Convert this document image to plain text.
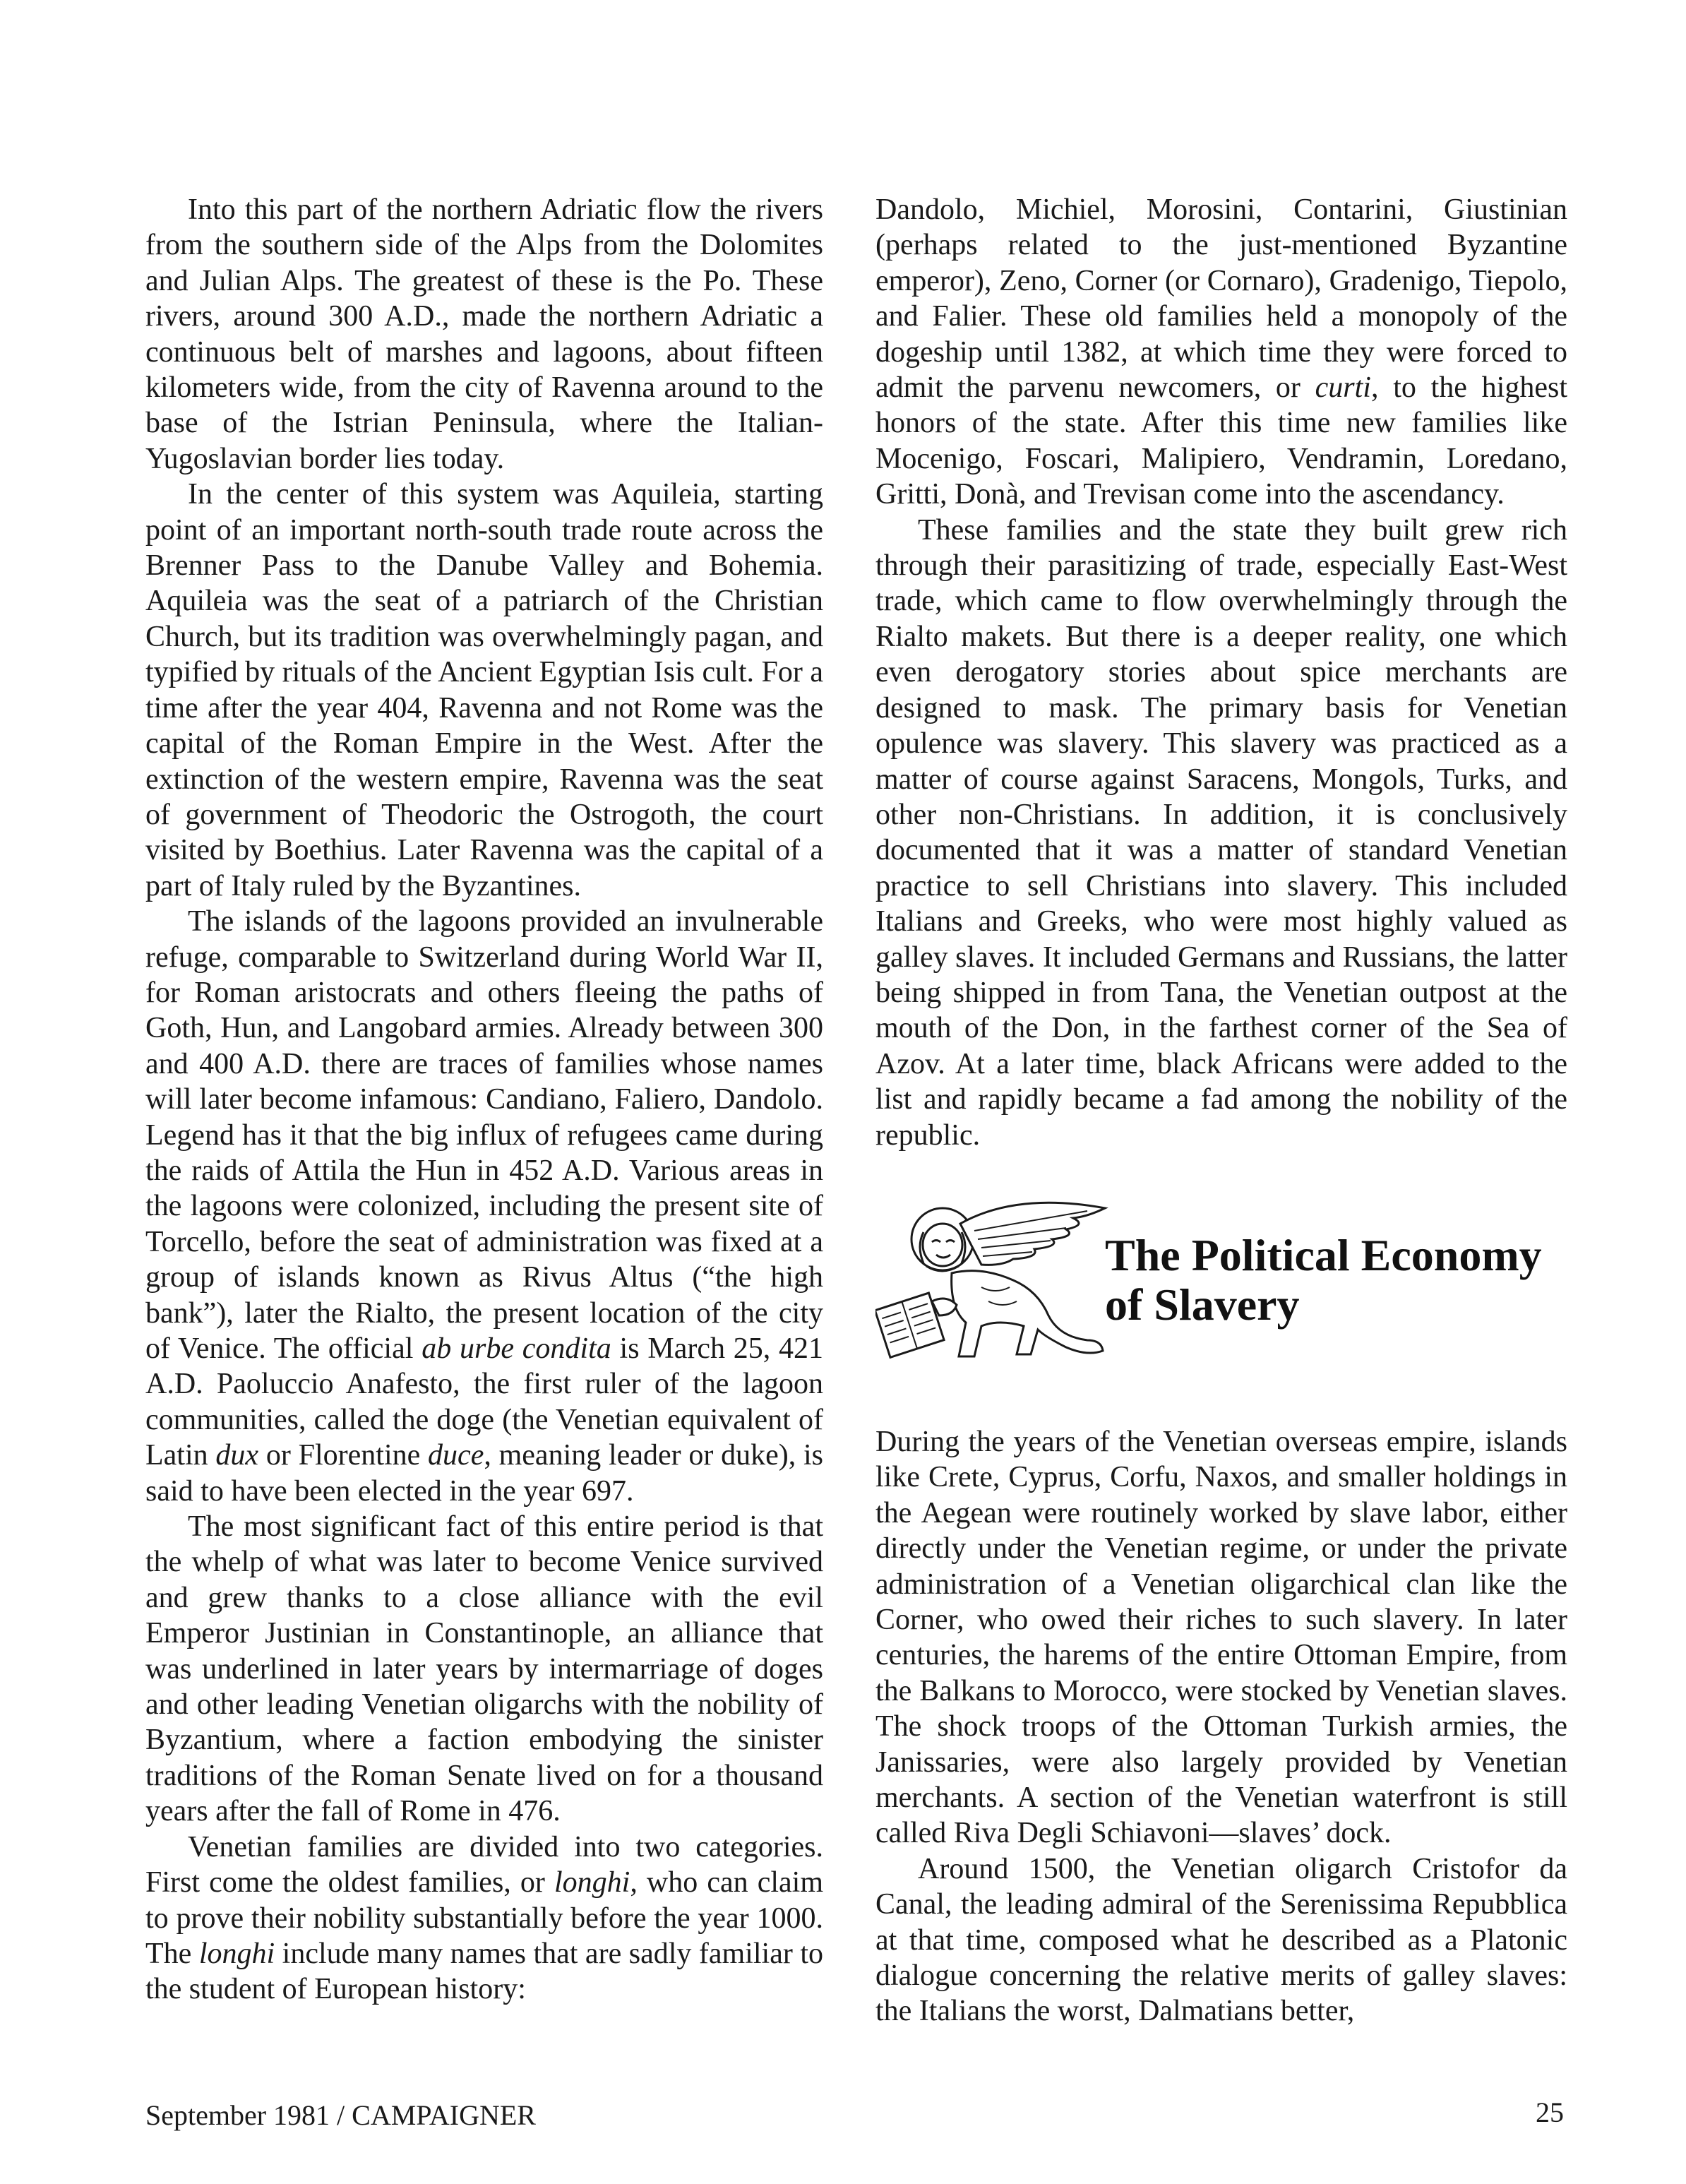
Into this part of the northern Adriatic flow the rivers from the southern side of the Alps from the Dolomites and Julian Alps. The greatest of these is the Po. These rivers, around 300 A.D., made the northern Adriatic a continuous belt of marshes and lagoons, about fifteen kilometers wide, from the city of Ravenna around to the base of the Istrian Peninsula, where the Italian-Yugoslavian border lies today.

In the center of this system was Aquileia, starting point of an important north-south trade route across the Brenner Pass to the Danube Valley and Bohemia. Aquileia was the seat of a patriarch of the Christian Church, but its tradition was overwhelmingly pagan, and typified by rituals of the Ancient Egyptian Isis cult. For a time after the year 404, Ravenna and not Rome was the capital of the Roman Empire in the West. After the extinction of the western empire, Ravenna was the seat of government of Theodoric the Ostrogoth, the court visited by Boethius. Later Ravenna was the capital of a part of Italy ruled by the Byzantines.

The islands of the lagoons provided an invulnerable refuge, comparable to Switzerland during World War II, for Roman aristocrats and others fleeing the paths of Goth, Hun, and Langobard armies. Already between 300 and 400 A.D. there are traces of families whose names will later become infamous: Candiano, Faliero, Dandolo. Legend has it that the big influx of refugees came during the raids of Attila the Hun in 452 A.D. Various areas in the lagoons were colonized, including the present site of Torcello, before the seat of administration was fixed at a group of islands known as Rivus Altus (“the high bank”), later the Rialto, the present location of the city of Venice. The official ab urbe condita is March 25, 421 A.D. Paoluccio Anafesto, the first ruler of the lagoon communities, called the doge (the Venetian equivalent of Latin dux or Florentine duce, meaning leader or duke), is said to have been elected in the year 697.

The most significant fact of this entire period is that the whelp of what was later to become Venice survived and grew thanks to a close alliance with the evil Emperor Justinian in Constantinople, an alliance that was underlined in later years by intermarriage of doges and other leading Venetian oligarchs with the nobility of Byzantium, where a faction embodying the sinister traditions of the Roman Senate lived on for a thousand years after the fall of Rome in 476.

Venetian families are divided into two categories. First come the oldest families, or longhi, who can claim to prove their nobility substantially before the year 1000. The longhi include many names that are sadly familiar to the student of European history:

Dandolo, Michiel, Morosini, Contarini, Giustinian (perhaps related to the just-mentioned Byzantine emperor), Zeno, Corner (or Cornaro), Gradenigo, Tiepolo, and Falier. These old families held a monopoly of the dogeship until 1382, at which time they were forced to admit the parvenu newcomers, or curti, to the highest honors of the state. After this time new families like Mocenigo, Foscari, Malipiero, Vendramin, Loredano, Gritti, Donà, and Trevisan come into the ascendancy.

These families and the state they built grew rich through their parasitizing of trade, especially East-West trade, which came to flow overwhelmingly through the Rialto makets. But there is a deeper reality, one which even derogatory stories about spice merchants are designed to mask. The primary basis for Venetian opulence was slavery. This slavery was practiced as a matter of course against Saracens, Mongols, Turks, and other non-Christians. In addition, it is conclusively documented that it was a matter of standard Venetian practice to sell Christians into slavery. This included Italians and Greeks, who were most highly valued as galley slaves. It included Germans and Russians, the latter being shipped in from Tana, the Venetian outpost at the mouth of the Don, in the farthest corner of the Sea of Azov. At a later time, black Africans were added to the list and rapidly became a fad among the nobility of the republic.

The Political Economy
of Slavery

During the years of the Venetian overseas empire, islands like Crete, Cyprus, Corfu, Naxos, and smaller holdings in the Aegean were routinely worked by slave labor, either directly under the Venetian regime, or under the private administration of a Venetian oligarchical clan like the Corner, who owed their riches to such slavery. In later centuries, the harems of the entire Ottoman Empire, from the Balkans to Morocco, were stocked by Venetian slaves. The shock troops of the Ottoman Turkish armies, the Janissaries, were also largely provided by Venetian merchants. A section of the Venetian waterfront is still called Riva Degli Schiavoni—slaves’ dock.

Around 1500, the Venetian oligarch Cristofor da Canal, the leading admiral of the Serenissima Repubblica at that time, composed what he described as a Platonic dialogue concerning the relative merits of galley slaves: the Italians the worst, Dalmatians better,

September 1981 / CAMPAIGNER	25
